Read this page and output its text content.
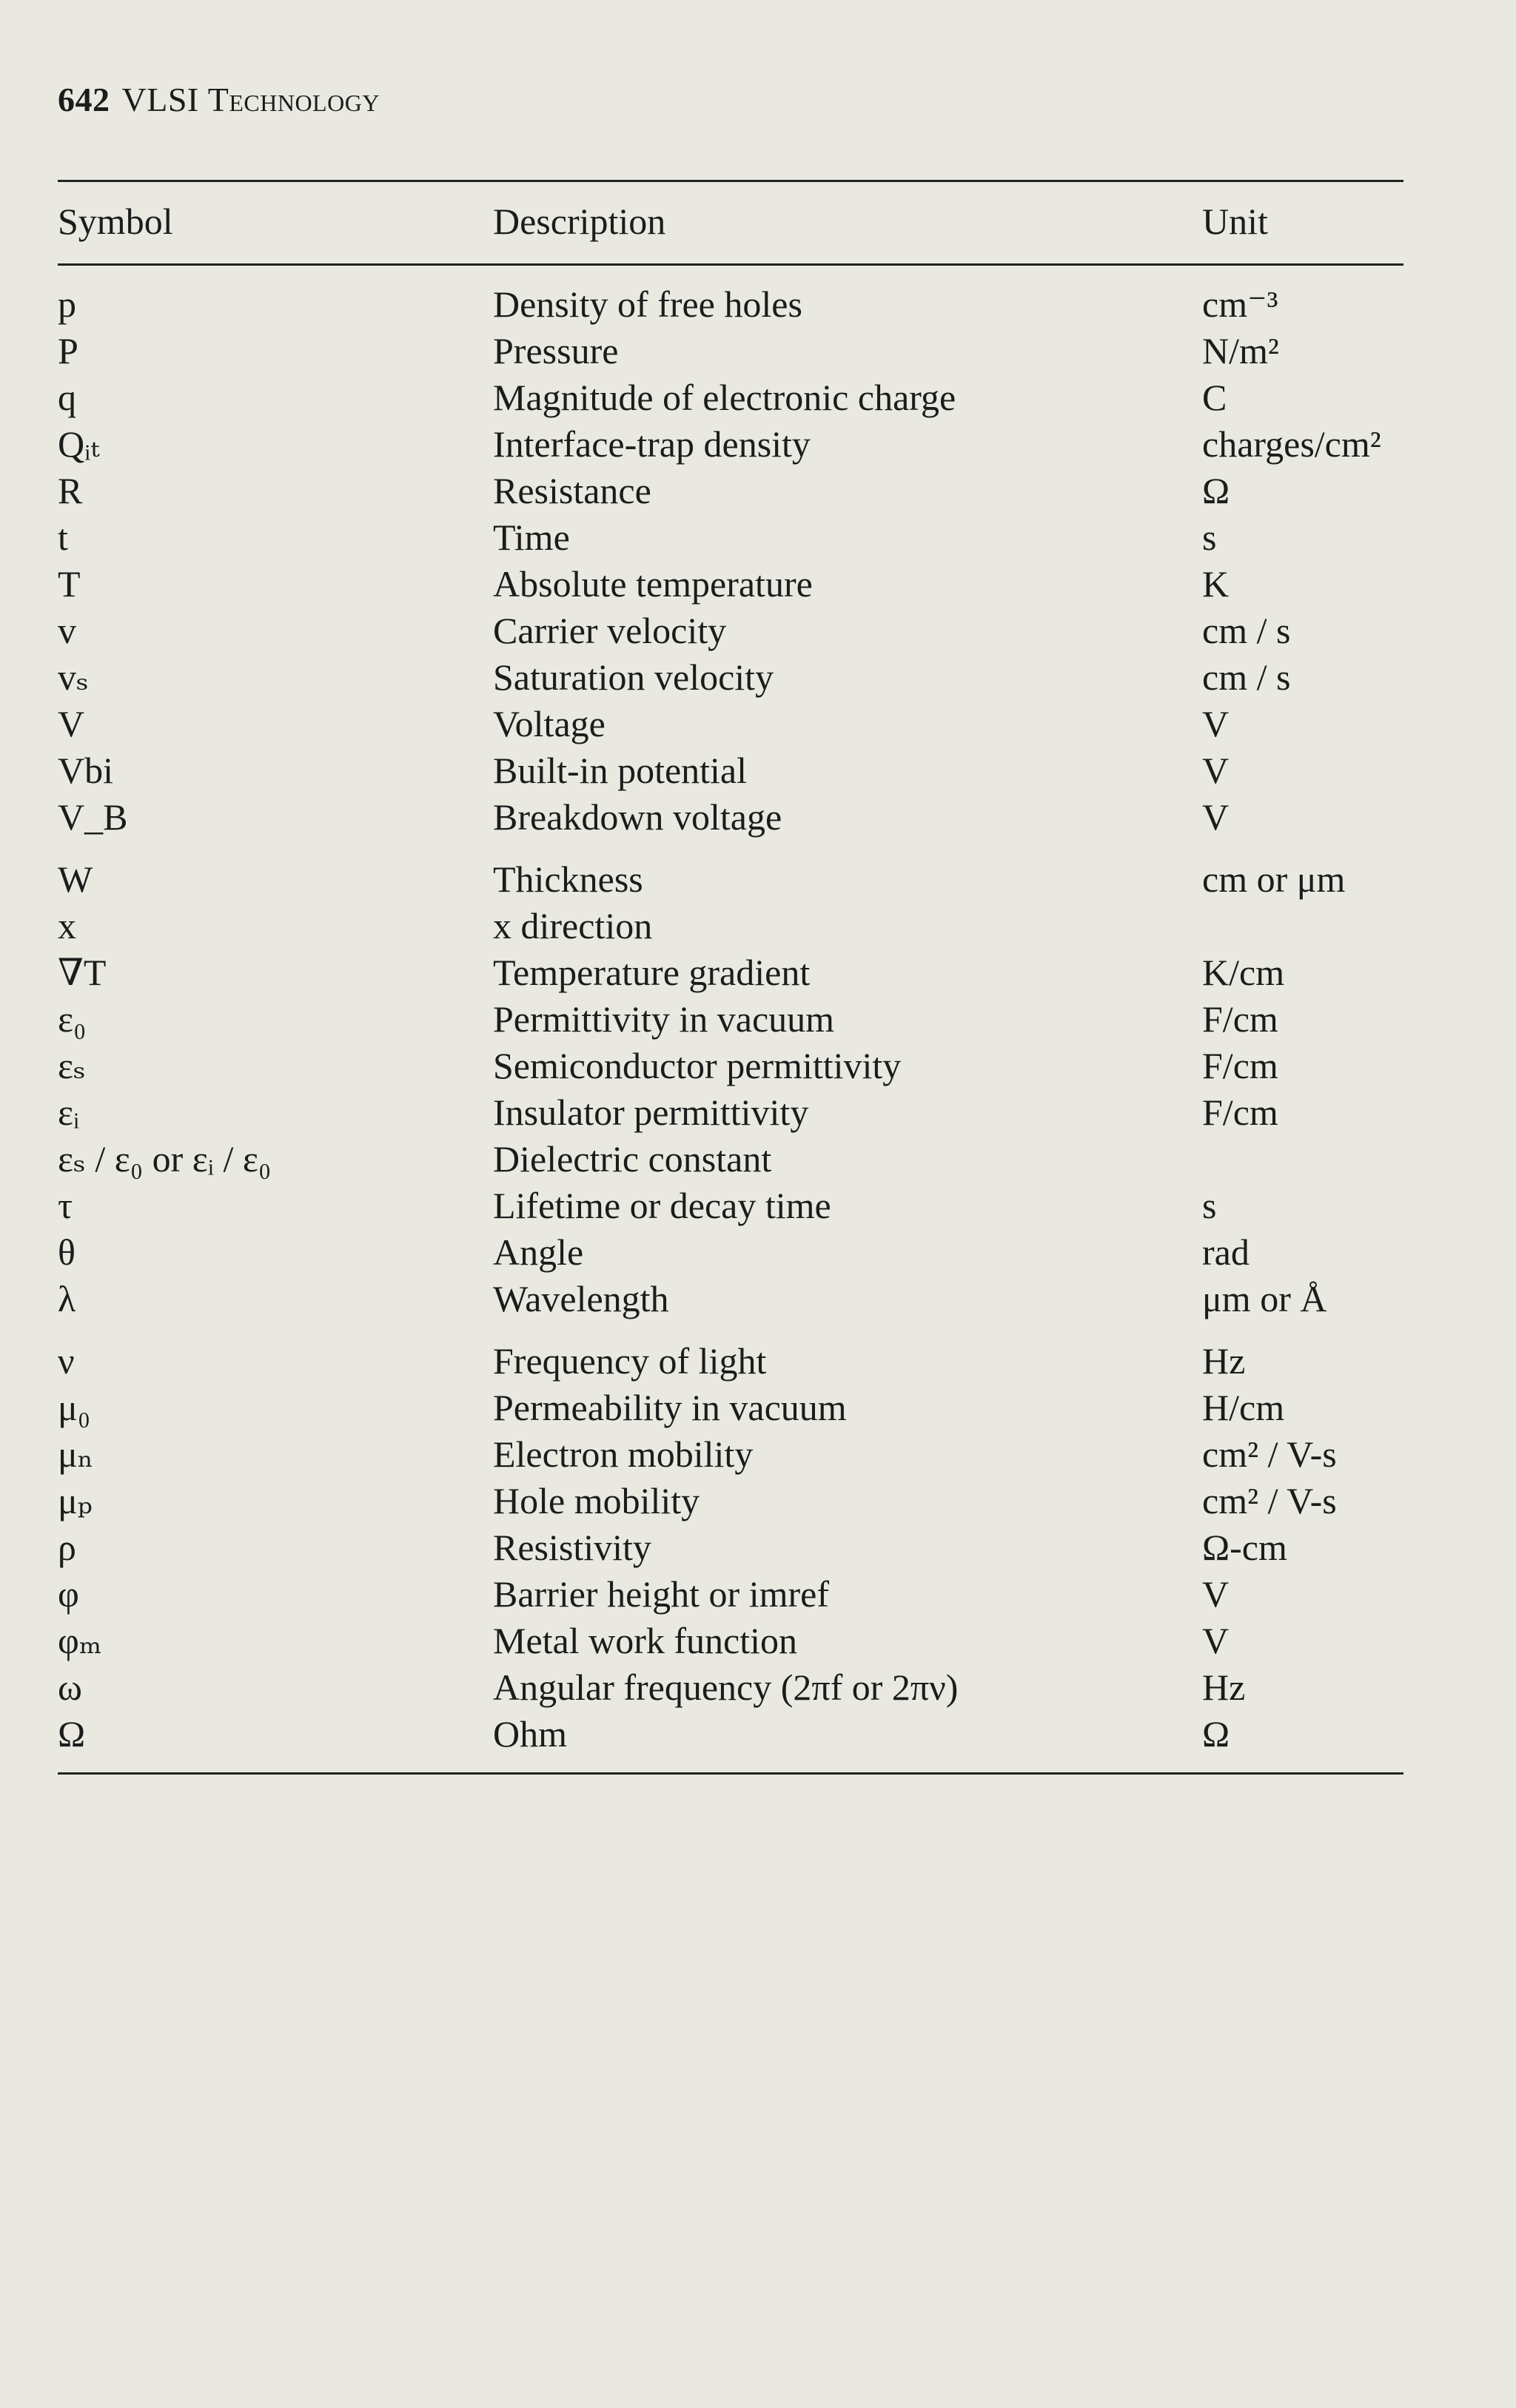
642 VLSI Technology
Symbol	Description	Unit
p	Density of free holes	cm⁻³
P	Pressure	N/m²
q	Magnitude of electronic charge	C
Qᵢₜ	Interface-trap density	charges/cm²
R	Resistance	Ω
t	Time	s
T	Absolute temperature	K
v	Carrier velocity	cm / s
vₛ	Saturation velocity	cm / s
V	Voltage	V
Vbi	Built-in potential	V
V_B	Breakdown voltage	V
W	Thickness	cm or μm
x	x direction
∇T	Temperature gradient	K/cm
ε₀	Permittivity in vacuum	F/cm
εₛ	Semiconductor permittivity	F/cm
εᵢ	Insulator permittivity	F/cm
εₛ / ε₀ or εᵢ / ε₀	Dielectric constant
τ	Lifetime or decay time	s
θ	Angle	rad
λ	Wavelength	μm or Å
ν	Frequency of light	Hz
μ₀	Permeability in vacuum	H/cm
μₙ	Electron mobility	cm² / V-s
μₚ	Hole mobility	cm² / V-s
ρ	Resistivity	Ω-cm
φ	Barrier height or imref	V
φₘ	Metal work function	V
ω	Angular frequency (2πf or 2πν)	Hz
Ω	Ohm	Ω
